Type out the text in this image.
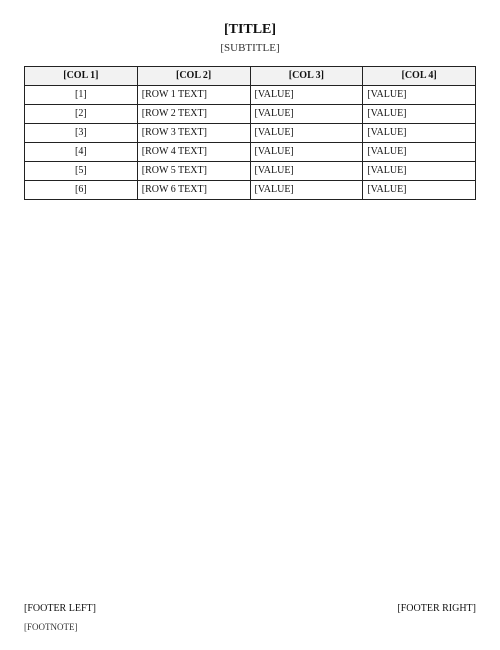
[TITLE]
[SUBTITLE]
[COL 1]	[COL 2]	[COL 3]	[COL 4]
[1]	[ROW 1 TEXT]	[VALUE]	[VALUE]
[2]	[ROW 2 TEXT]	[VALUE]	[VALUE]
[3]	[ROW 3 TEXT]	[VALUE]	[VALUE]
[4]	[ROW 4 TEXT]	[VALUE]	[VALUE]
[5]	[ROW 5 TEXT]	[VALUE]	[VALUE]
[6]	[ROW 6 TEXT]	[VALUE]	[VALUE]
[FOOTER LEFT]	[FOOTER RIGHT]
[FOOTNOTE]
